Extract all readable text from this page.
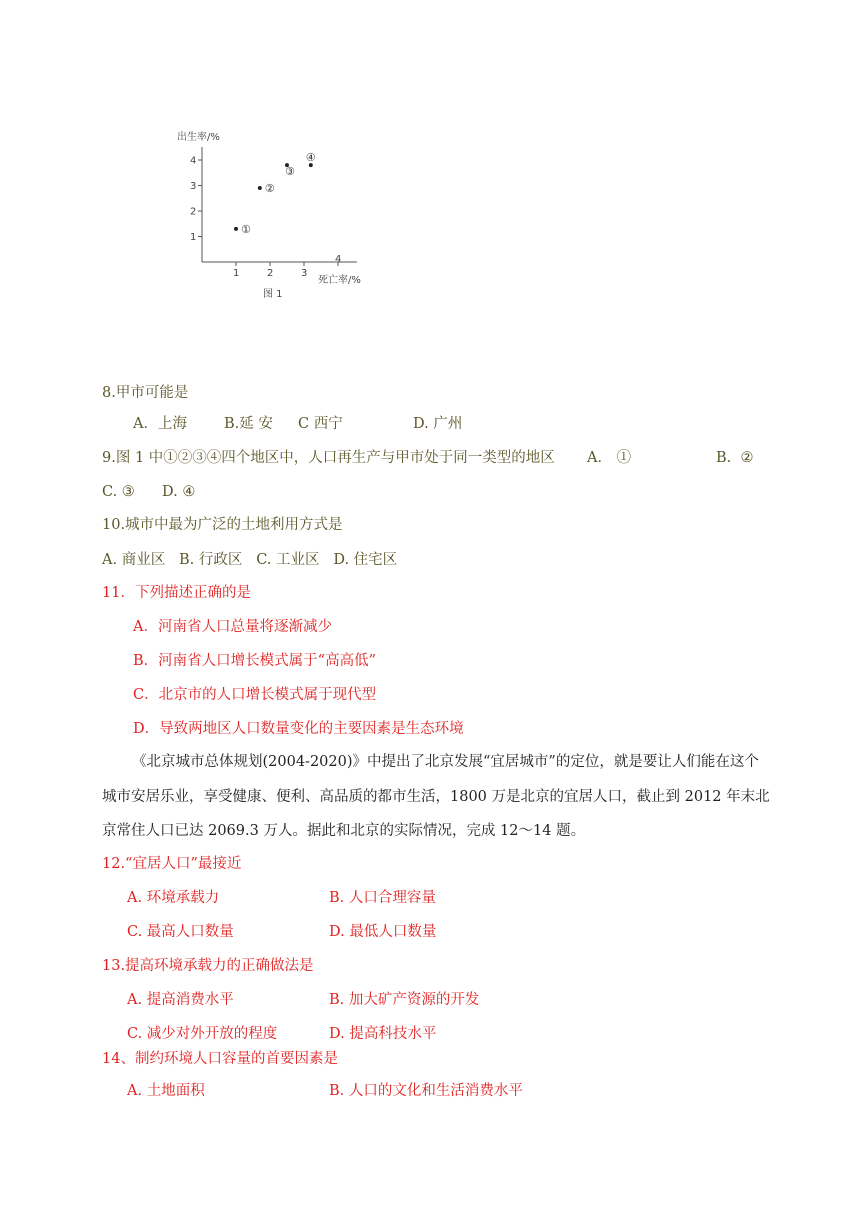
出生率/%
1
2
3
4
1	2	3
4
①
②
③
④
死亡率/%
图 1
8.甲市可能是
A．上海	B.延 安 C 西宁	D. 广州
9.图 1 中①②③④四个地区中，人口再生产与甲市处于同一类型的地区 A． ①	B.  ②
C. ③ D. ④
10.城市中最为广泛的土地利用方式是
A. 商业区   B. 行政区   C. 工业区   D. 住宅区
11．下列描述正确的是
A．河南省人口总量将逐渐减少
B．河南省人口增长模式属于“高高低”
C．北京市的人口增长模式属于现代型
D．导致两地区人口数量变化的主要因素是生态环境
《北京城市总体规划(2004-2020)》中提出了北京发展“宜居城市”的定位，就是要让人们能在这个城市安居乐业，享受健康、便利、高品质的都市生活，1800 万是北京的宜居人口，截止到 2012 年末北京常住人口已达 2069.3 万人。据此和北京的实际情况，完成 12～14 题。
12.“宜居人口”最接近
A. 环境承载力	B. 人口合理容量
C. 最高人口数量	D. 最低人口数量
13.提高环境承载力的正确做法是
A. 提高消费水平	B. 加大矿产资源的开发
C. 减少对外开放的程度	D. 提高科技水平
14、制约环境人口容量的首要因素是
A. 土地面积	B. 人口的文化和生活消费水平
